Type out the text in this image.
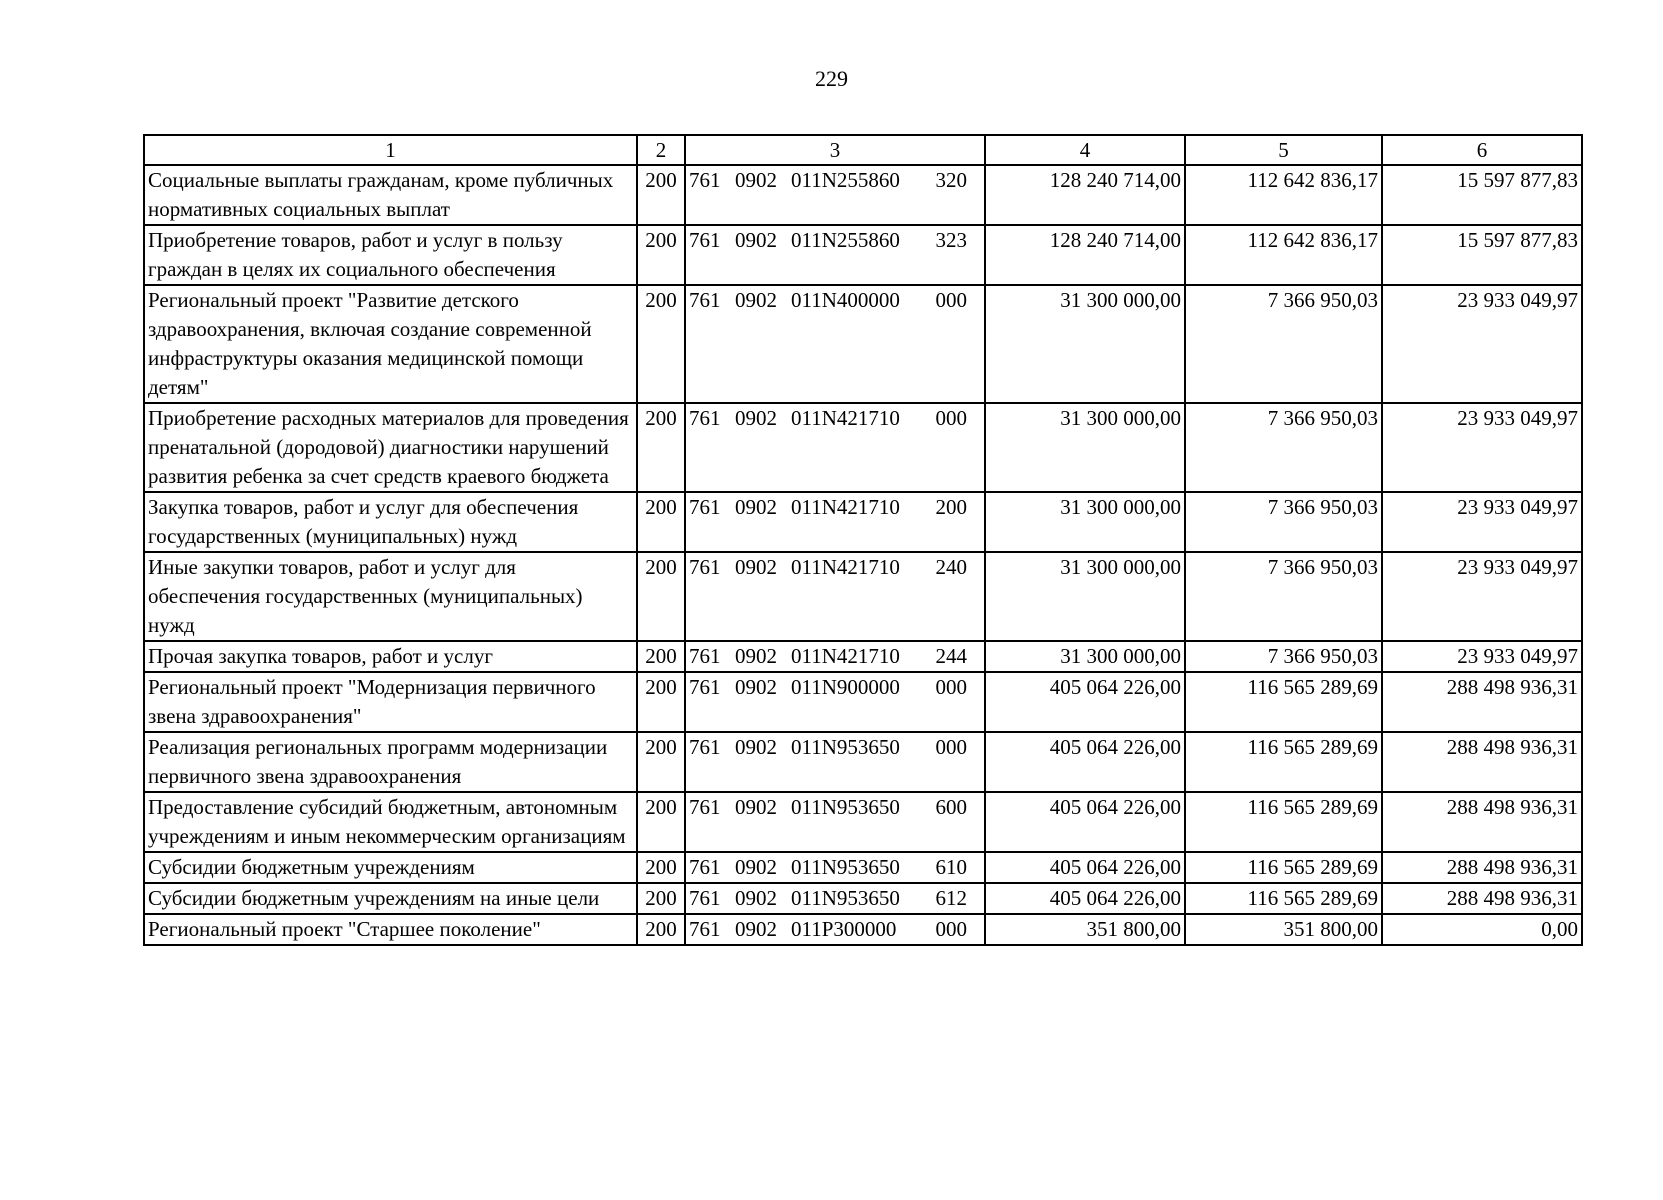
229
1	2	3	4	5	6
Социальные выплаты гражданам, кроме публичных нормативных социальных выплат	200	761 0902 011N255860 320	128 240 714,00	112 642 836,17	15 597 877,83
Приобретение товаров, работ и услуг в пользу граждан в целях их социального обеспечения	200	761 0902 011N255860 323	128 240 714,00	112 642 836,17	15 597 877,83
Региональный проект "Развитие детского здравоохранения, включая создание современной инфраструктуры оказания медицинской помощи детям"	200	761 0902 011N400000 000	31 300 000,00	7 366 950,03	23 933 049,97
Приобретение расходных материалов для проведения пренатальной (дородовой) диагностики нарушений развития ребенка за счет средств краевого бюджета	200	761 0902 011N421710 000	31 300 000,00	7 366 950,03	23 933 049,97
Закупка товаров, работ и услуг для обеспечения государственных (муниципальных) нужд	200	761 0902 011N421710 200	31 300 000,00	7 366 950,03	23 933 049,97
Иные закупки товаров, работ и услуг для обеспечения государственных (муниципальных) нужд	200	761 0902 011N421710 240	31 300 000,00	7 366 950,03	23 933 049,97
Прочая закупка товаров, работ и услуг	200	761 0902 011N421710 244	31 300 000,00	7 366 950,03	23 933 049,97
Региональный проект "Модернизация первичного звена здравоохранения"	200	761 0902 011N900000 000	405 064 226,00	116 565 289,69	288 498 936,31
Реализация региональных программ модернизации первичного звена здравоохранения	200	761 0902 011N953650 000	405 064 226,00	116 565 289,69	288 498 936,31
Предоставление субсидий бюджетным, автономным учреждениям и иным некоммерческим организациям	200	761 0902 011N953650 600	405 064 226,00	116 565 289,69	288 498 936,31
Субсидии бюджетным учреждениям	200	761 0902 011N953650 610	405 064 226,00	116 565 289,69	288 498 936,31
Субсидии бюджетным учреждениям на иные цели	200	761 0902 011N953650 612	405 064 226,00	116 565 289,69	288 498 936,31
Региональный проект "Старшее поколение"	200	761 0902 011P300000 000	351 800,00	351 800,00	0,00
